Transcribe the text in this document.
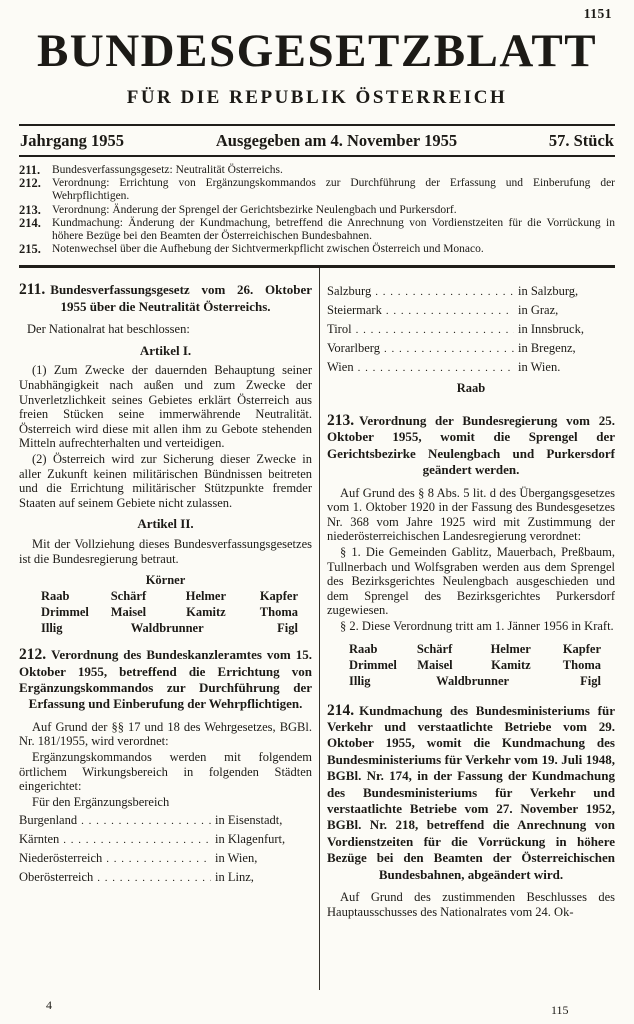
1151
BUNDESGESETZBLATT
FÜR DIE REPUBLIK ÖSTERREICH
Jahrgang 1955	Ausgegeben am 4. November 1955	57. Stück
211.	Bundesverfassungsgesetz: Neutralität Österreichs.
212. Verordnung: Errichtung von Ergänzungskommandos zur Durchführung der Erfassung und Einberufung der Wehrpflichtigen.
213. Verordnung: Änderung der Sprengel der Gerichtsbezirke Neulengbach und Purkersdorf.
214. Kundmachung: Änderung der Kundmachung, betreffend die Anrechnung von Vordienstzeiten für die Vorrückung in höhere Bezüge bei den Beamten der Österreichischen Bundesbahnen.
215. Notenwechsel über die Aufhebung der Sichtvermerkpflicht zwischen Österreich und Monaco.

211. Bundesverfassungsgesetz vom 26. Oktober 1955 über die Neutralität Österreichs.

Der Nationalrat hat beschlossen:

Artikel I.

(1) Zum Zwecke der dauernden Behauptung seiner Unabhängigkeit nach außen und zum Zwecke der Unverletzlichkeit seines Gebietes erklärt Österreich aus freien Stücken seine immerwährende Neutralität. Österreich wird diese mit allen ihm zu Gebote stehenden Mitteln aufrechterhalten und verteidigen.

(2) Österreich wird zur Sicherung dieser Zwecke in aller Zukunft keinen militärischen Bündnissen beitreten und die Errichtung militärischer Stützpunkte fremder Staaten auf seinem Gebiete nicht zulassen.

Artikel II.

Mit der Vollziehung dieses Bundesverfassungsgesetzes ist die Bundesregierung betraut.

Körner
Raab	Schärf	Helmer	Kapfer
Drimmel	Maisel	Kamitz	Thoma
Illig	Waldbrunner	Figl

212. Verordnung des Bundeskanzleramtes vom 15. Oktober 1955, betreffend die Errichtung von Ergänzungskommandos zur Durchführung der Erfassung und Einberufung der Wehrpflichtigen.

Auf Grund der §§ 17 und 18 des Wehrgesetzes, BGBl. Nr. 181/1955, wird verordnet:

Ergänzungskommandos werden mit folgendem örtlichem Wirkungsbereich in folgenden Städten eingerichtet:

Für den Ergänzungsbereich

Burgenland . . .	in Eisenstadt,
Kärnten . . .	in Klagenfurt,
Niederösterreich . . .	in Wien,
Oberösterreich . . .	in Linz,
Salzburg . . .	in Salzburg,
Steiermark . . .	in Graz,
Tirol . . .	in Innsbruck,
Vorarlberg . . .	in Bregenz,
Wien . . .	in Wien.
Raab

213. Verordnung der Bundesregierung vom 25. Oktober 1955, womit die Sprengel der Gerichtsbezirke Neulengbach und Purkersdorf geändert werden.

Auf Grund des § 8 Abs. 5 lit. d des Übergangsgesetzes vom 1. Oktober 1920 in der Fassung des Bundesgesetzes Nr. 368 vom Jahre 1925 wird mit Zustimmung der niederösterreichischen Landesregierung verordnet:

§ 1. Die Gemeinden Gablitz, Mauerbach, Preßbaum, Tullnerbach und Wolfsgraben werden aus dem Sprengel des Bezirksgerichtes Neulengbach ausgeschieden und dem Sprengel des Bezirksgerichtes Purkersdorf zugewiesen.

§ 2. Diese Verordnung tritt am 1. Jänner 1956 in Kraft.

Raab	Schärf	Helmer	Kapfer
Drimmel	Maisel	Kamitz	Thoma
Illig	Waldbrunner	Figl

214. Kundmachung des Bundesministeriums für Verkehr und verstaatlichte Betriebe vom 29. Oktober 1955, womit die Kundmachung des Bundesministeriums für Verkehr vom 19. Juli 1948, BGBl. Nr. 174, in der Fassung der Kundmachung des Bundesministeriums für Verkehr und verstaatlichte Betriebe vom 27. November 1952, BGBl. Nr. 218, betreffend die Anrechnung von Vordienstzeiten für die Vorrückung in höhere Bezüge bei den Beamten der Österreichischen Bundesbahnen, abgeändert wird.

Auf Grund des zustimmenden Beschlusses des Hauptausschusses des Nationalrates vom 24. Ok-

4	115
